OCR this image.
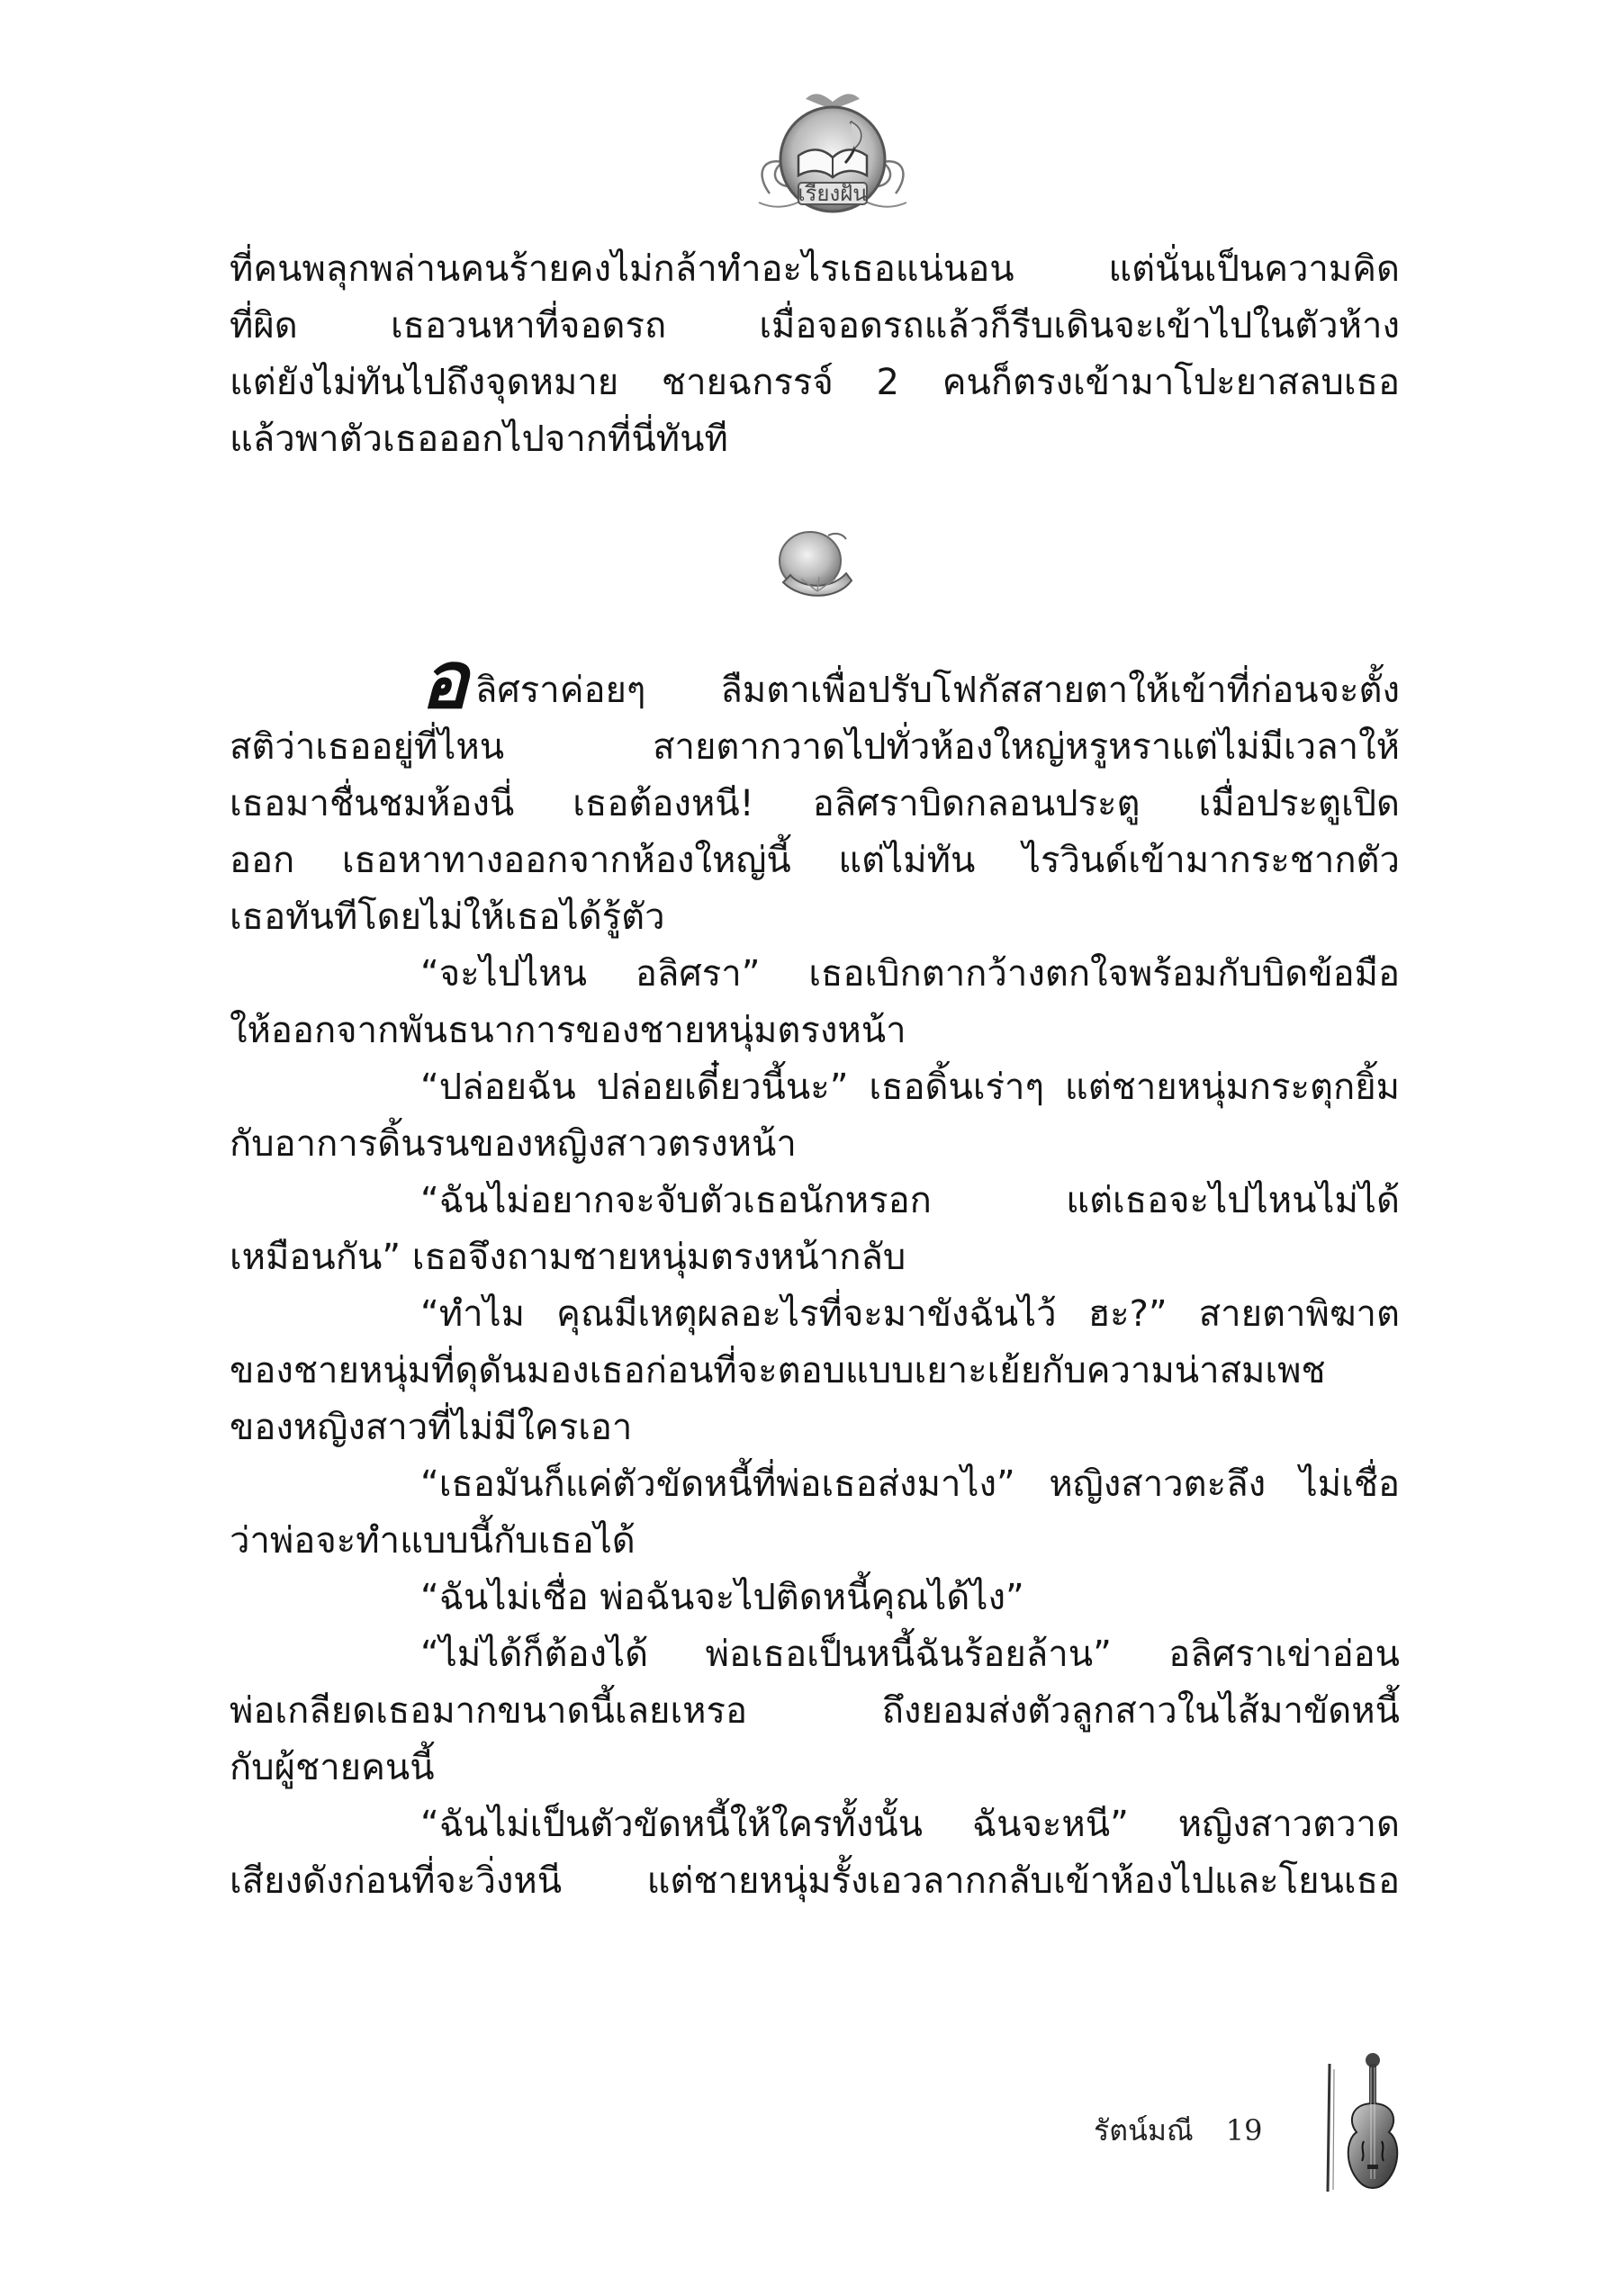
เรียงฝัน
ที่คนพลุกพล่านคนร้ายคงไม่กล้าทำอะไรเธอแน่นอน แต่นั่นเป็นความคิด
ที่ผิด เธอวนหาที่จอดรถ เมื่อจอดรถแล้วก็รีบเดินจะเข้าไปในตัวห้าง
แต่ยังไม่ทันไปถึงจุดหมาย ชายฉกรรจ์ 2 คนก็ตรงเข้ามาโปะยาสลบเธอ
แล้วพาตัวเธอออกไปจากที่นี่ทันที
อลิศราค่อยๆ ลืมตาเพื่อปรับโฟกัสสายตาให้เข้าที่ก่อนจะตั้ง
สติว่าเธออยู่ที่ไหน สายตากวาดไปทั่วห้องใหญ่หรูหราแต่ไม่มีเวลาให้
เธอมาชื่นชมห้องนี่ เธอต้องหนี! อลิศราบิดกลอนประตู เมื่อประตูเปิด
ออก เธอหาทางออกจากห้องใหญ่นี้ แต่ไม่ทัน ไรวินด์เข้ามากระชากตัว
เธอทันทีโดยไม่ให้เธอได้รู้ตัว
“จะไปไหน อลิศรา” เธอเบิกตากว้างตกใจพร้อมกับบิดข้อมือ
ให้ออกจากพันธนาการของชายหนุ่มตรงหน้า
“ปล่อยฉัน ปล่อยเดี๋ยวนี้นะ” เธอดิ้นเร่าๆ แต่ชายหนุ่มกระตุกยิ้ม
กับอาการดิ้นรนของหญิงสาวตรงหน้า
“ฉันไม่อยากจะจับตัวเธอนักหรอก แต่เธอจะไปไหนไม่ได้
เหมือนกัน” เธอจึงถามชายหนุ่มตรงหน้ากลับ
“ทำไม คุณมีเหตุผลอะไรที่จะมาขังฉันไว้ ฮะ?” สายตาพิฆาต
ของชายหนุ่มที่ดุดันมองเธอก่อนที่จะตอบแบบเยาะเย้ยกับความน่าสมเพช
ของหญิงสาวที่ไม่มีใครเอา
“เธอมันก็แค่ตัวขัดหนี้ที่พ่อเธอส่งมาไง” หญิงสาวตะลึง ไม่เชื่อ
ว่าพ่อจะทำแบบนี้กับเธอได้
“ฉันไม่เชื่อ พ่อฉันจะไปติดหนี้คุณได้ไง”
“ไม่ได้ก็ต้องได้ พ่อเธอเป็นหนี้ฉันร้อยล้าน” อลิศราเข่าอ่อน
พ่อเกลียดเธอมากขนาดนี้เลยเหรอ ถึงยอมส่งตัวลูกสาวในไส้มาขัดหนี้
กับผู้ชายคนนี้
“ฉันไม่เป็นตัวขัดหนี้ให้ใครทั้งนั้น ฉันจะหนี” หญิงสาวตวาด
เสียงดังก่อนที่จะวิ่งหนี แต่ชายหนุ่มรั้งเอวลากกลับเข้าห้องไปและโยนเธอ
รัตน์มณี 19
